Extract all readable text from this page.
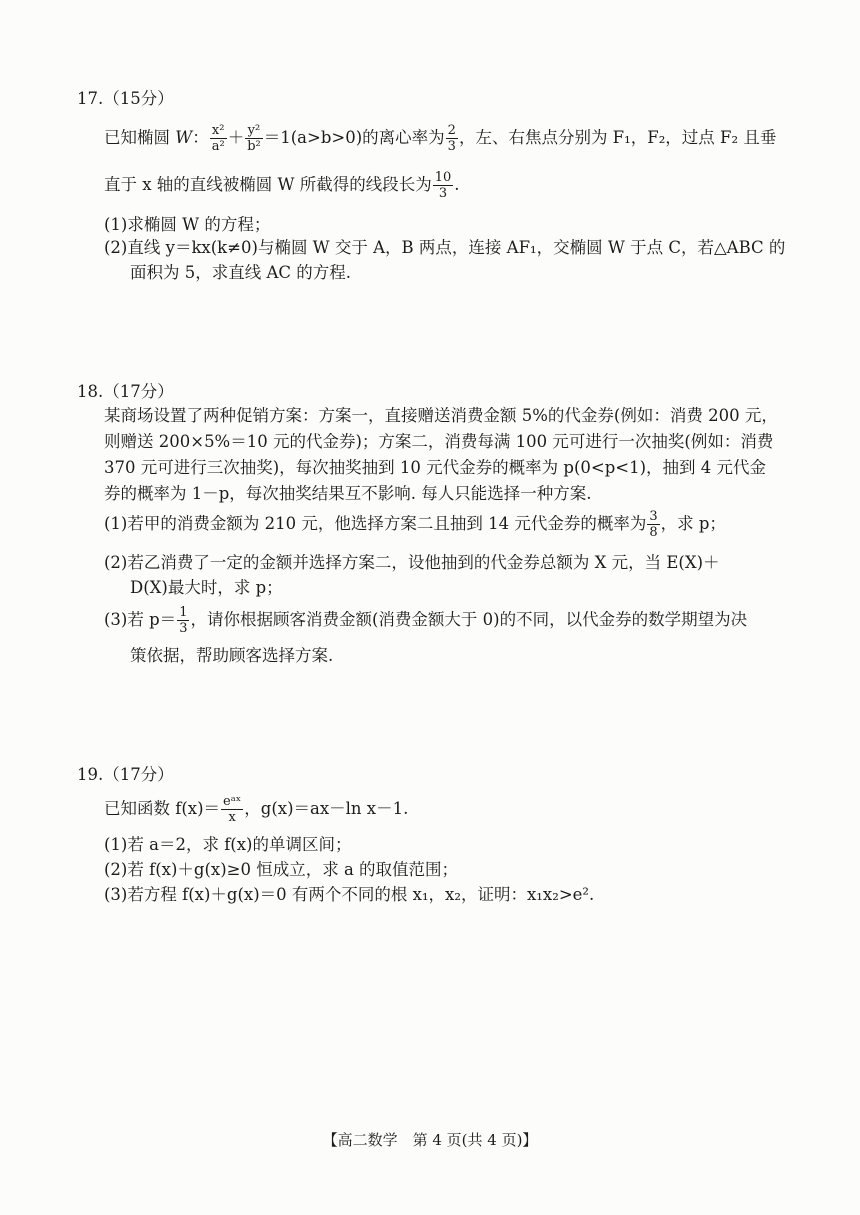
17.（15分）
已知椭圆 W： $\frac{\text{x²}}{\text{a²}} + \frac{\text{y²}}{\text{b²}} =1(a>b>0)$的离心率为 $\frac{2}{3}$ ，左、右焦点分别为 F₁，F₂，过点 F₂ 且垂
直于 x 轴的直线被椭圆 W 所截得的线段长为 $\frac{10}{3}$ .
(1)求椭圆 W 的方程；
(2)直线 y＝kx(k≠0)与椭圆 W 交于 A，B 两点，连接 AF₁，交椭圆 W 于点 C，若△ABC 的
面积为 5，求直线 AC 的方程.
18.（17分）
某商场设置了两种促销方案：方案一，直接赠送消费金额 5%的代金券(例如：消费 200 元，
则赠送 200×5%＝10 元的代金券)；方案二，消费每满 100 元可进行一次抽奖(例如：消费
370 元可进行三次抽奖)，每次抽奖抽到 10 元代金券的概率为 p(0<p<1)，抽到 4 元代金
券的概率为 1－p，每次抽奖结果互不影响. 每人只能选择一种方案.
(1)若甲的消费金额为 210 元，他选择方案二且抽到 14 元代金券的概率为 $\frac{3}{8}$ ，求 p；
(2)若乙消费了一定的金额并选择方案二，设他抽到的代金券总额为 X 元，当 E(X)＋
D(X)最大时，求 p；
(3)若 $p= \frac{1}{3}$ ，请你根据顾客消费金额(消费金额大于 0)的不同，以代金券的数学期望为决
策依据，帮助顾客选择方案.
19.（17分）
已知函数 $f(x)= \frac{\text{eᵃˣ}}{x}$ ，g(x)＝ax－ln x－1.
(1)若 a＝2，求 f(x)的单调区间；
(2)若 f(x)＋g(x)≥0 恒成立，求 a 的取值范围；
(3)若方程 f(x)＋g(x)＝0 有两个不同的根 x₁，x₂，证明：x₁x₂>e².
【高二数学　第 4 页(共 4 页)】
